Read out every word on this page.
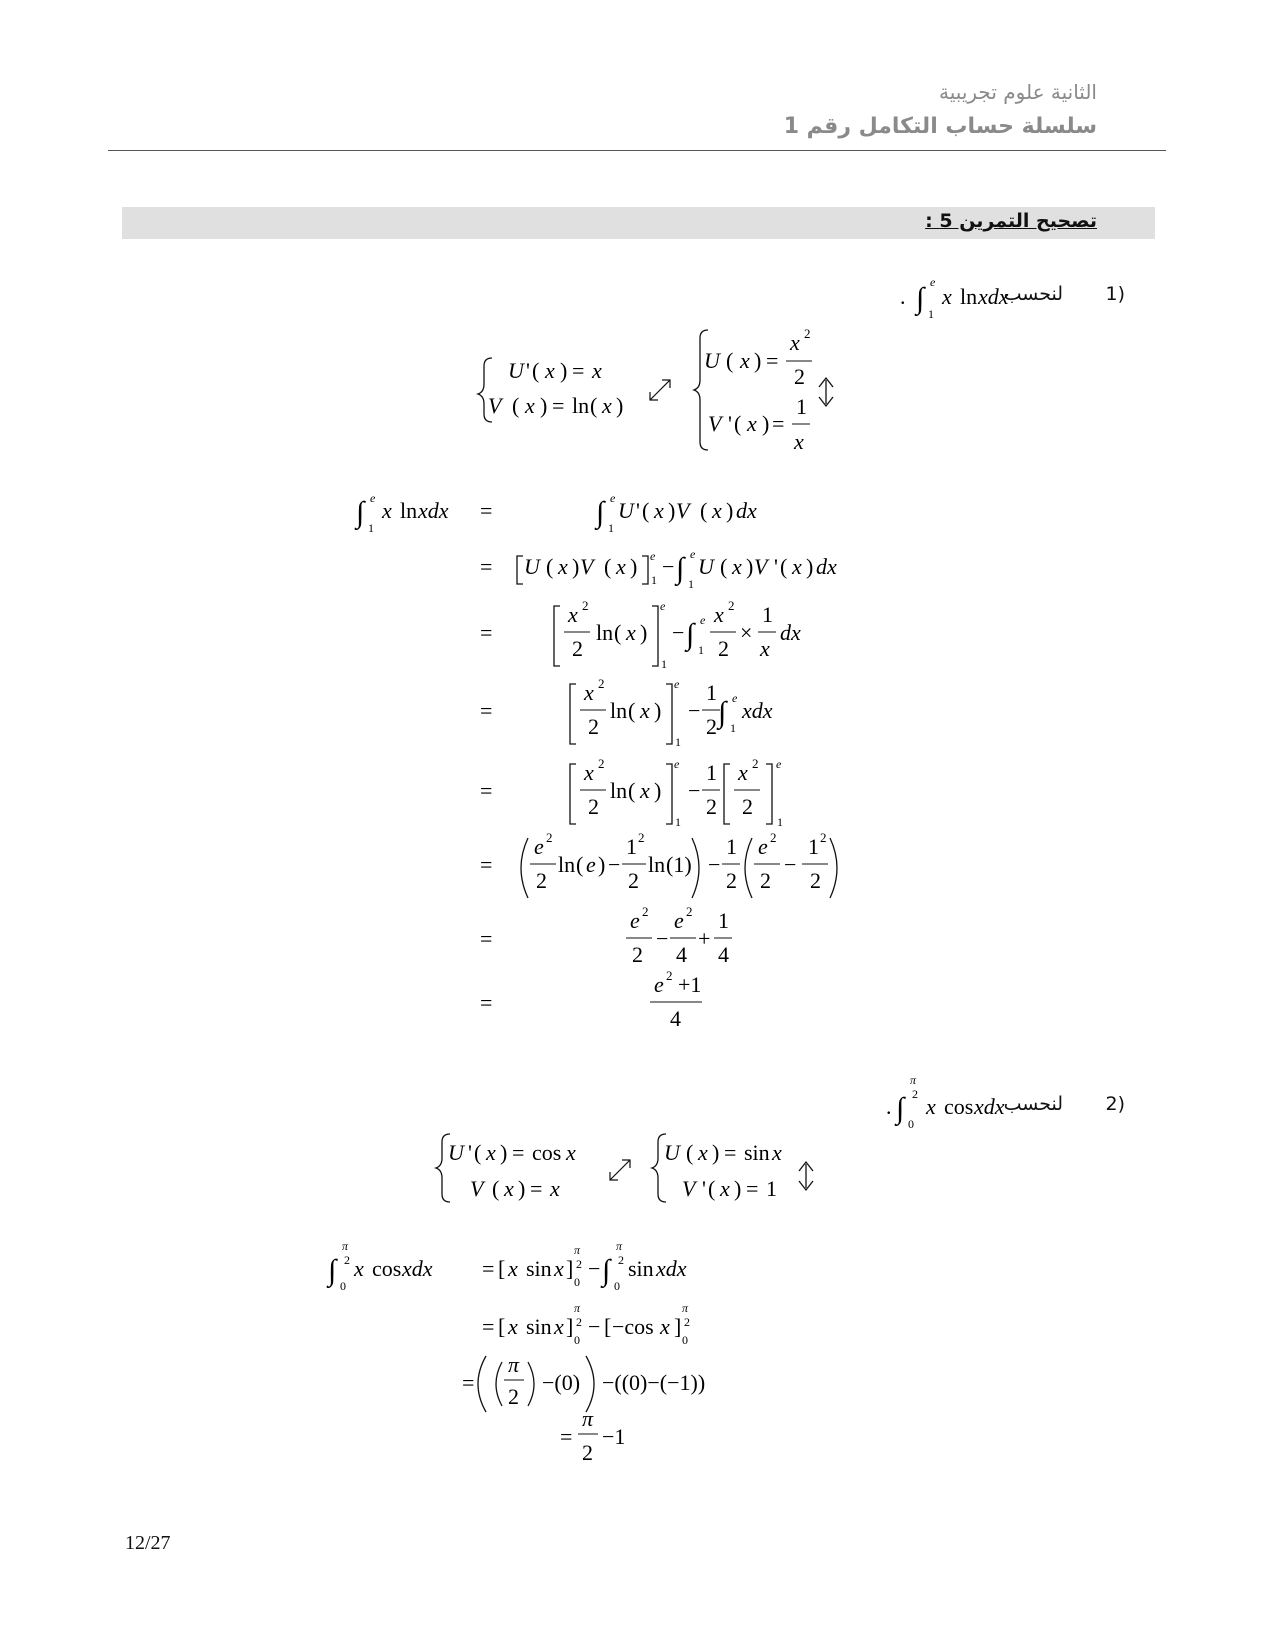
الثانية علوم تجريبية
سلسلة حساب التكامل رقم 1
تصحيح التمرين 5 :
(1
لنحسب
(2
لنحسب
. ∫ 1
e
x ln xdx
U ' ( x ) = x
V ( x ) = ln ( x )
U ( x ) =
x 2
2
V ' ( x ) =
1
x
∫ 1
e x ln xdx =	∫ 1
e U ' ( x ) V ( x ) dx
= U ( x ) V ( x ) e
1
− ∫ 1
e U ( x ) V ' ( x ) dx
=
x 2
2
ln ( x )
e
1
− ∫ 1
e x 2
2
×
1
x
dx
=
x 2
2
ln ( x )
e
1
−
1
2 ∫ 1
e xdx
=
x 2
2
ln ( x )
e
1
−
1
2
x 2
2
e
1
=
e 2
2
ln ( e ) −
1 2
2
ln (1) −
1
2
e 2
2
−
1 2
2
=
e 2
2
−
e 2
4
+
1
4
=
e 2 +1
4
. ∫ 0
π
2 x cos xdx
U ' ( x ) = cos x
V ( x ) = x
U ( x ) = sin x
V ' ( x ) = 1
∫ 0
π
2 x cos xdx = [ x sin x ]
π
2
0
− ∫ 0
π
2 sin xdx
= [ x sin x ]
π
2
0
− [ −cos x ]
π
2
0
=
π
2
−(0) −((0)−(−1))
=
π
2
−1
12/27
